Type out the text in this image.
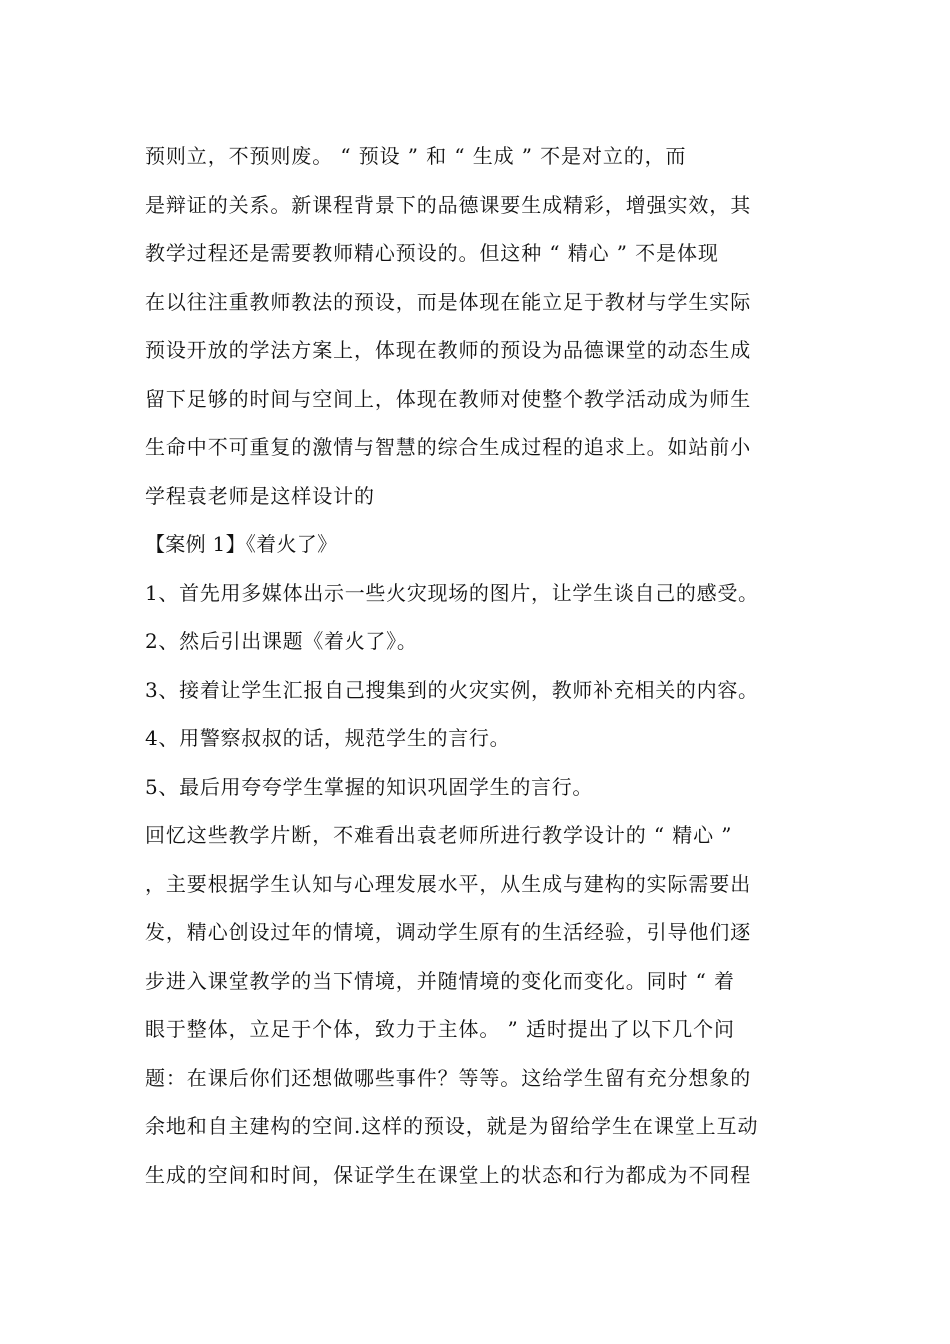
预则立，不预则废。 “ 预设 ” 和 “ 生成 ” 不是对立的，而
是辩证的关系。新课程背景下的品德课要生成精彩，增强实效，其
教学过程还是需要教师精心预设的。但这种 “ 精心 ” 不是体现
在以往注重教师教法的预设，而是体现在能立足于教材与学生实际
预设开放的学法方案上，体现在教师的预设为品德课堂的动态生成
留下足够的时间与空间上，体现在教师对使整个教学活动成为师生
生命中不可重复的激情与智慧的综合生成过程的追求上。如站前小
学程袁老师是这样设计的
【案例 1】《着火了》
1、首先用多媒体出示一些火灾现场的图片，让学生谈自己的感受。
2、然后引出课题《着火了》。
3、接着让学生汇报自己搜集到的火灾实例，教师补充相关的内容。
4、用警察叔叔的话，规范学生的言行。
5、最后用夸夸学生掌握的知识巩固学生的言行。
回忆这些教学片断，不难看出袁老师所进行教学设计的 “ 精心 ”
，主要根据学生认知与心理发展水平，从生成与建构的实际需要出
发，精心创设过年的情境，调动学生原有的生活经验，引导他们逐
步进入课堂教学的当下情境，并随情境的变化而变化。同时 “ 着
眼于整体，立足于个体，致力于主体。 ” 适时提出了以下几个问
题：在课后你们还想做哪些事件？等等。这给学生留有充分想象的
余地和自主建构的空间.这样的预设，就是为留给学生在课堂上互动
生成的空间和时间，保证学生在课堂上的状态和行为都成为不同程
